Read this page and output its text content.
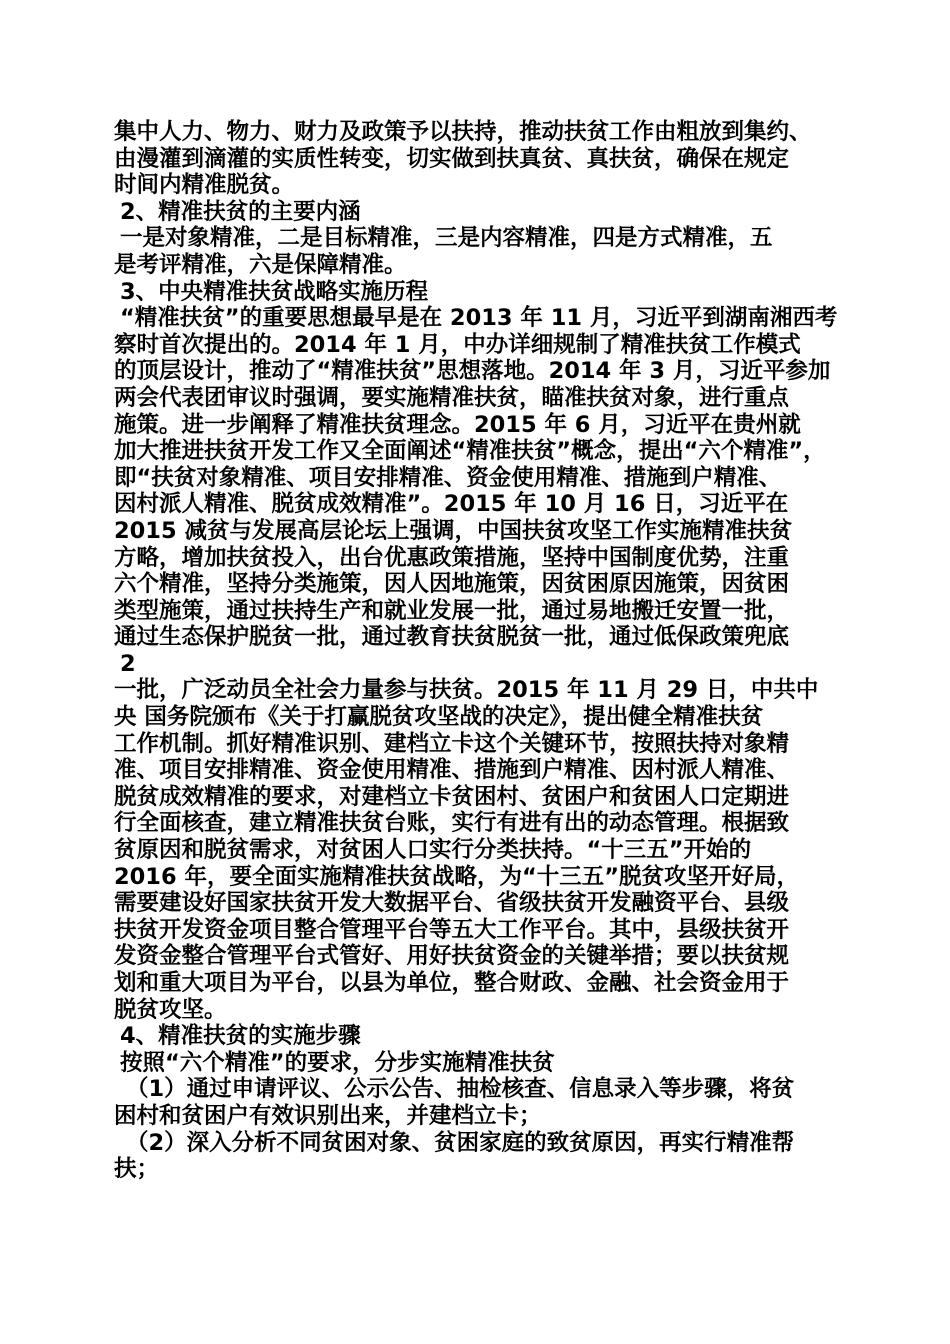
集中人力、物力、财力及政策予以扶持，推动扶贫工作由粗放到集约、

由漫灌到滴灌的实质性转变，切实做到扶真贫、真扶贫，确保在规定

时间内精准脱贫。

2、精准扶贫的主要内涵

一是对象精准，二是目标精准，三是内容精准，四是方式精准，五

是考评精准，六是保障精准。

3、中央精准扶贫战略实施历程

“精准扶贫”的重要思想最早是在 2013 年 11 月，习近平到湖南湘西考

察时首次提出的。2014 年 1 月，中办详细规制了精准扶贫工作模式

的顶层设计，推动了“精准扶贫”思想落地。2014 年 3 月，习近平参加

两会代表团审议时强调，要实施精准扶贫，瞄准扶贫对象，进行重点

施策。进一步阐释了精准扶贫理念。2015 年 6 月，习近平在贵州就

加大推进扶贫开发工作又全面阐述“精准扶贫”概念，提出“六个精准”，

即“扶贫对象精准、项目安排精准、资金使用精准、措施到户精准、

因村派人精准、脱贫成效精准”。2015 年 10 月 16 日，习近平在

2015 减贫与发展高层论坛上强调，中国扶贫攻坚工作实施精准扶贫

方略，增加扶贫投入，出台优惠政策措施，坚持中国制度优势，注重

六个精准，坚持分类施策，因人因地施策，因贫困原因施策，因贫困

类型施策，通过扶持生产和就业发展一批，通过易地搬迁安置一批，

通过生态保护脱贫一批，通过教育扶贫脱贫一批，通过低保政策兜底

2

一批，广泛动员全社会力量参与扶贫。2015 年 11 月 29 日，中共中

央 国务院颁布《关于打赢脱贫攻坚战的决定》，提出健全精准扶贫

工作机制。抓好精准识别、建档立卡这个关键环节，按照扶持对象精

准、项目安排精准、资金使用精准、措施到户精准、因村派人精准、

脱贫成效精准的要求，对建档立卡贫困村、贫困户和贫困人口定期进

行全面核查，建立精准扶贫台账，实行有进有出的动态管理。根据致

贫原因和脱贫需求，对贫困人口实行分类扶持。“十三五”开始的

2016 年，要全面实施精准扶贫战略，为“十三五”脱贫攻坚开好局，

需要建设好国家扶贫开发大数据平台、省级扶贫开发融资平台、县级

扶贫开发资金项目整合管理平台等五大工作平台。其中，县级扶贫开

发资金整合管理平台式管好、用好扶贫资金的关键举措；要以扶贫规

划和重大项目为平台，以县为单位，整合财政、金融、社会资金用于

脱贫攻坚。

4、精准扶贫的实施步骤

按照“六个精准”的要求，分步实施精准扶贫

（1）通过申请评议、公示公告、抽检核查、信息录入等步骤，将贫

困村和贫困户有效识别出来，并建档立卡；

（2）深入分析不同贫困对象、贫困家庭的致贫原因，再实行精准帮

扶；
